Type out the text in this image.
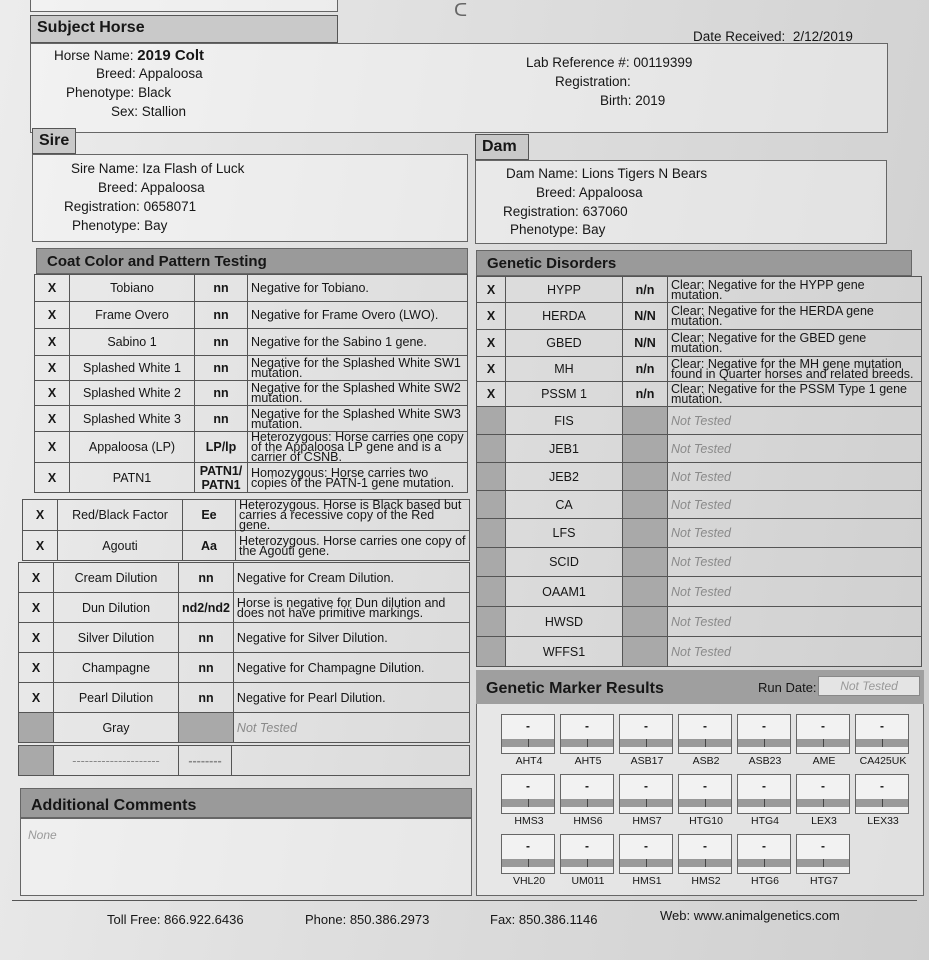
ᑕ
Subject Horse
Date Received: 2/12/2019
Horse Name: 2019 Colt
Breed: Appaloosa
Phenotype: Black
Sex: Stallion
Lab Reference #: 00119399
Registration:
Birth: 2019
Sire
Sire Name: Iza Flash of Luck
Breed: Appaloosa
Registration: 0658071
Phenotype: Bay
Dam
Dam Name: Lions Tigers N Bears
Breed: Appaloosa
Registration: 637060
Phenotype: Bay
Coat Color and Pattern Testing
X	Tobiano	nn	Negative for Tobiano.
X	Frame Overo	nn	Negative for Frame Overo (LWO).
X	Sabino 1	nn	Negative for the Sabino 1 gene.
X	Splashed White 1	nn	Negative for the Splashed White SW1 mutation.
X	Splashed White 2	nn	Negative for the Splashed White SW2 mutation.
X	Splashed White 3	nn	Negative for the Splashed White SW3 mutation.
X	Appaloosa (LP)	LP/lp	Heterozygous: Horse carries one copy of the Appaloosa LP gene and is a carrier of CSNB.
X	PATN1	PATN1/ PATN1	Homozygous: Horse carries two copies of the PATN-1 gene mutation.
X	Red/Black Factor	Ee	Heterozygous. Horse is Black based but carries a recessive copy of the Red gene.
X	Agouti	Aa	Heterozygous. Horse carries one copy of the Agouti gene.
X	Cream Dilution	nn	Negative for Cream Dilution.
X	Dun Dilution	nd2/nd2	Horse is negative for Dun dilution and does not have primitive markings.
X	Silver Dilution	nn	Negative for Silver Dilution.
X	Champagne	nn	Negative for Champagne Dilution.
X	Pearl Dilution	nn	Negative for Pearl Dilution.
	Gray		Not Tested
	---------------------	--------	
Genetic Disorders
X	HYPP	n/n	Clear: Negative for the HYPP gene mutation.
X	HERDA	N/N	Clear: Negative for the HERDA gene mutation.
X	GBED	N/N	Clear: Negative for the GBED gene mutation.
X	MH	n/n	Clear: Negative for the MH gene mutation found in Quarter horses and related breeds.
X	PSSM 1	n/n	Clear: Negative for the PSSM Type 1 gene mutation.
	FIS		Not Tested
	JEB1		Not Tested
	JEB2		Not Tested
	CA		Not Tested
	LFS		Not Tested
	SCID		Not Tested
	OAAM1		Not Tested
	HWSD		Not Tested
	WFFS1		Not Tested
Genetic Marker Results	Run Date:	Not Tested
-
AHT4
-
AHT5
-
ASB17
-
ASB2
-
ASB23
-
AME
-
CA425UK
-
HMS3
-
HMS6
-
HMS7
-
HTG10
-
HTG4
-
LEX3
-
LEX33
-
VHL20
-
UM011
-
HMS1
-
HMS2
-
HTG6
-
HTG7
Additional Comments
None
Toll Free: 866.922.6436	Phone: 850.386.2973	Fax: 850.386.1146	Web: www.animalgenetics.com
